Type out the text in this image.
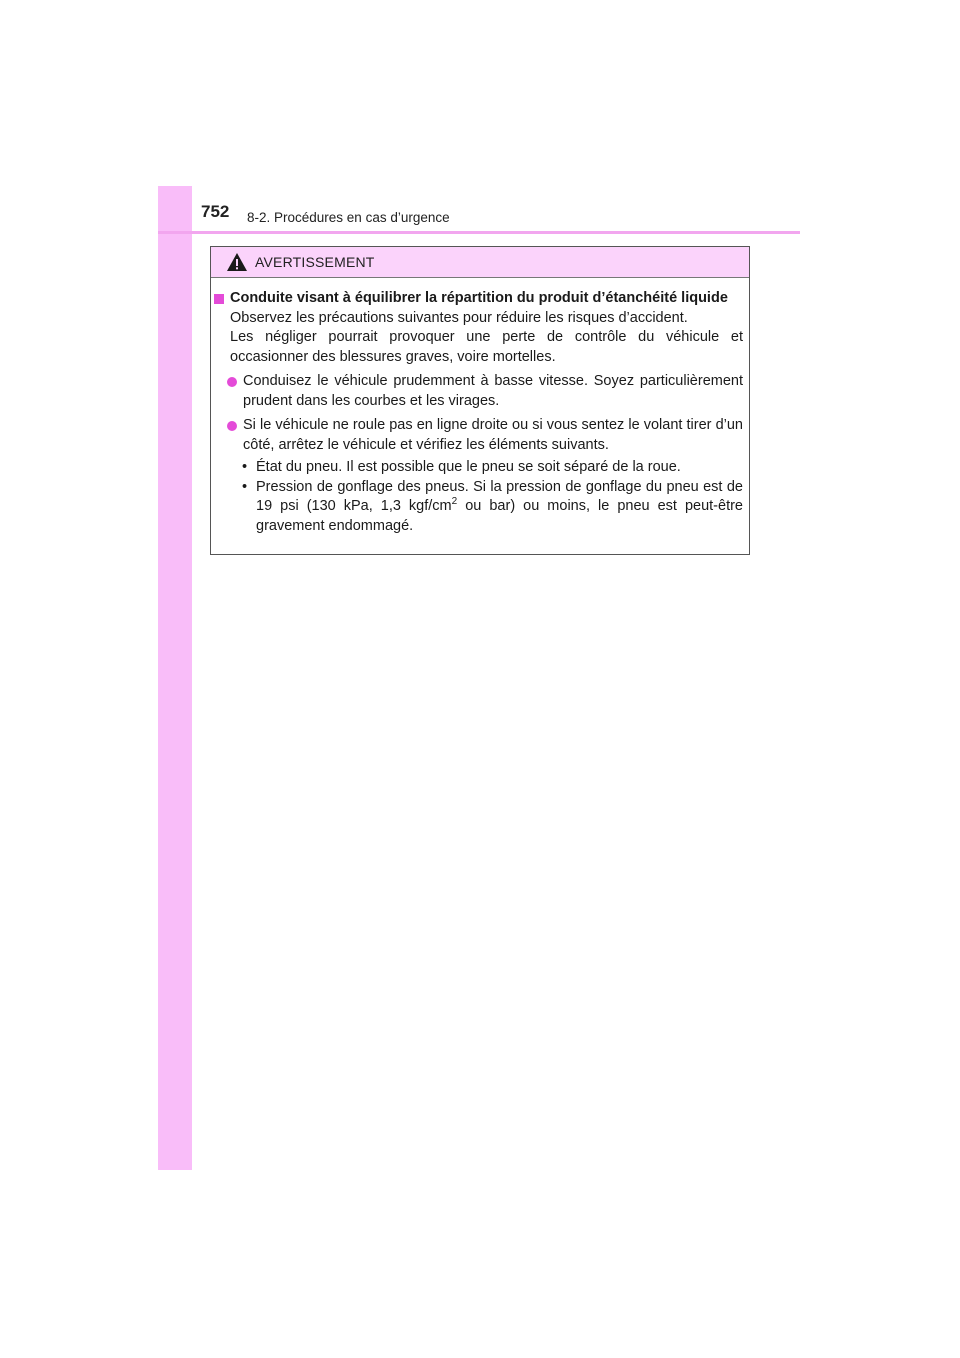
752 8-2. Procédures en cas d’urgence
AVERTISSEMENT
Conduite visant à équilibrer la répartition du produit d’étanchéité liquide
Observez les précautions suivantes pour réduire les risques d’accident.
Les négliger pourrait provoquer une perte de contrôle du véhicule et occasionner des blessures graves, voire mortelles.
Conduisez le véhicule prudemment à basse vitesse. Soyez particulièrement prudent dans les courbes et les virages.
Si le véhicule ne roule pas en ligne droite ou si vous sentez le volant tirer d’un côté, arrêtez le véhicule et vérifiez les éléments suivants.
• État du pneu. Il est possible que le pneu se soit séparé de la roue.
• Pression de gonflage des pneus. Si la pression de gonflage du pneu est de 19 psi (130 kPa, 1,3 kgf/$cm^2$ ou bar) ou moins, le pneu est peut-être gravement endommagé.
